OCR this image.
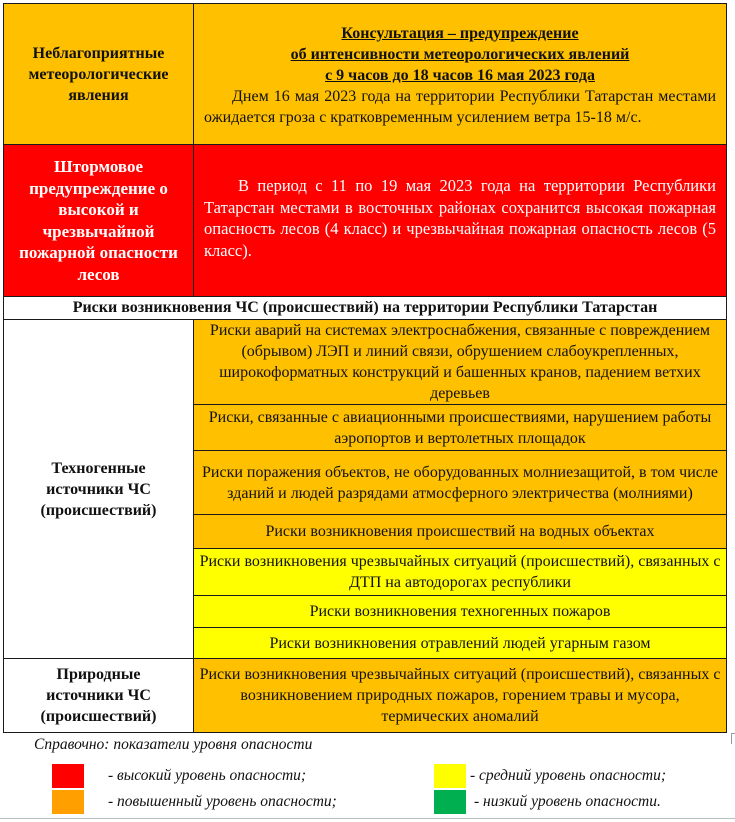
Неблагоприятные метеорологические явления	Консультация – предупреждение
об интенсивности метеорологических явлений
с 9 часов до 18 часов 16 мая 2023 года
Днем 16 мая 2023 года на территории Республики Татарстан местами ожидается гроза с кратковременным усилением ветра 15-18 м/с.

Штормовое предупреждение о высокой и чрезвычайной пожарной опасности лесов	В период с 11 по 19 мая 2023 года на территории Республики Татарстан местами в восточных районах сохранится высокая пожарная опасность лесов (4 класс) и чрезвычайная пожарная опасность лесов (5 класс).
Риски возникновения ЧС (происшествий) на территории Республики Татарстан	
Техногенные источники ЧС (происшествий)	Риски аварий на системах электроснабжения, связанные с повреждением (обрывом) ЛЭП и линий связи, обрушением слабоукрепленных, широкоформатных конструкций и башенных кранов, падением ветхих деревьев
	Риски, связанные с авиационными происшествиями, нарушением работы аэропортов и вертолетных площадок
	Риски поражения объектов, не оборудованных молниезащитой, в том числе зданий и людей разрядами атмосферного электричества (молниями)
	Риски возникновения происшествий на водных объектах
	Риски возникновения чрезвычайных ситуаций (происшествий), связанных с ДТП на автодорогах республики
	Риски возникновения техногенных пожаров
	Риски возникновения отравлений людей угарным газом
Природные источники ЧС (происшествий)	Риски возникновения чрезвычайных ситуаций (происшествий), связанных с возникновением природных пожаров, горением травы и мусора, термических аномалий
Справочно: показатели уровня опасности
- высокий уровень опасности;
- повышенный уровень опасности;
- средний уровень опасности;
- низкий уровень опасности.
